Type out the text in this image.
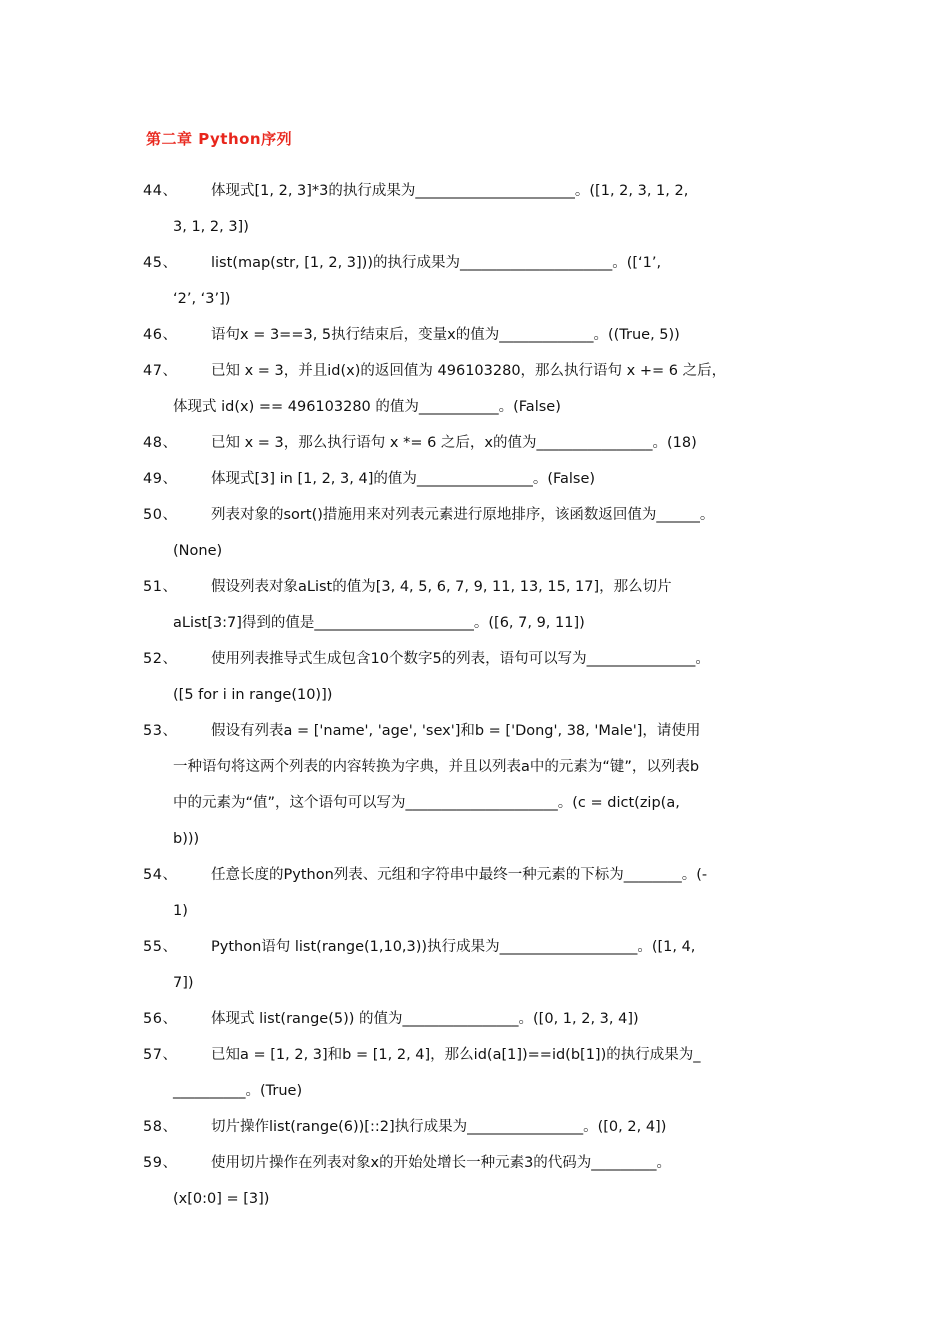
第二章 Python序列
44、 体现式[1, 2, 3]*3的执行成果为______________________。([1, 2, 3, 1, 2,
3, 1, 2, 3])
45、 list(map(str, [1, 2, 3]))的执行成果为_____________________。([‘1’,
‘2’, ‘3’])
46、 语句x = 3==3, 5执行结束后，变量x的值为_____________。((True, 5))
47、 已知 x = 3，并且id(x)的返回值为 496103280，那么执行语句 x += 6 之后，
体现式 id(x) == 496103280 的值为___________。(False)
48、 已知 x = 3，那么执行语句 x *= 6 之后，x的值为________________。(18)
49、 体现式[3] in [1, 2, 3, 4]的值为________________。(False)
50、 列表对象的sort()措施用来对列表元素进行原地排序，该函数返回值为______。
(None)
51、 假设列表对象aList的值为[3, 4, 5, 6, 7, 9, 11, 13, 15, 17]，那么切片
aList[3:7]得到的值是______________________。([6, 7, 9, 11])
52、 使用列表推导式生成包含10个数字5的列表，语句可以写为_______________。
([5 for i in range(10)])
53、 假设有列表a = ['name', 'age', 'sex']和b = ['Dong', 38, 'Male']，请使用
一种语句将这两个列表的内容转换为字典，并且以列表a中的元素为“键”，以列表b
中的元素为“值”，这个语句可以写为_____________________。(c = dict(zip(a,
b)))
54、 任意长度的Python列表、元组和字符串中最终一种元素的下标为________。(-
1)
55、 Python语句 list(range(1,10,3))执行成果为___________________。([1, 4,
7])
56、 体现式 list(range(5)) 的值为________________。([0, 1, 2, 3, 4])
57、 已知a = [1, 2, 3]和b = [1, 2, 4]，那么id(a[1])==id(b[1])的执行成果为_
__________。(True)
58、 切片操作list(range(6))[::2]执行成果为________________。([0, 2, 4])
59、 使用切片操作在列表对象x的开始处增长一种元素3的代码为_________。
(x[0:0] = [3])
